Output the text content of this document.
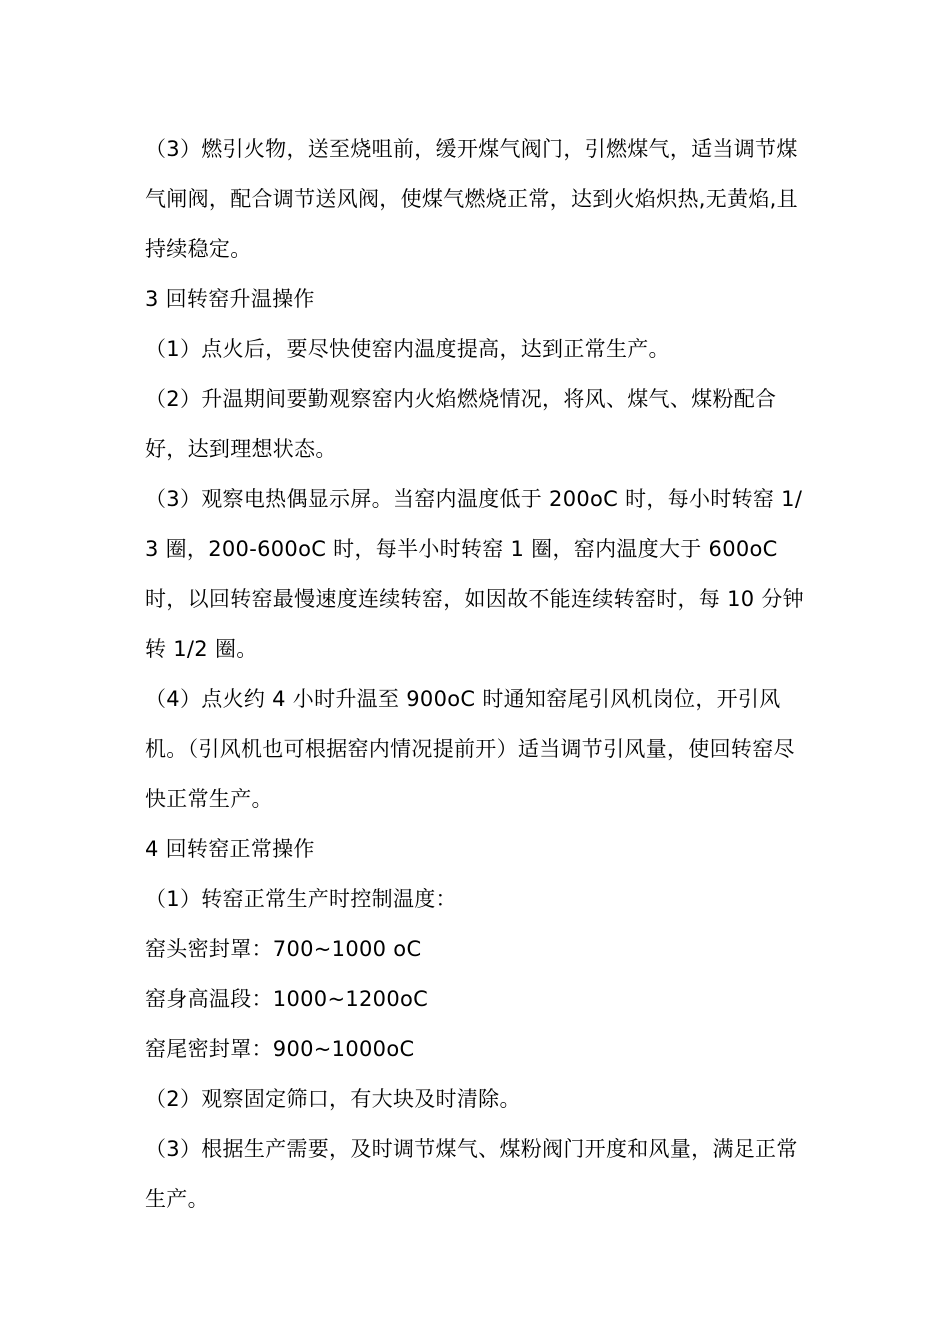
（3）燃引火物，送至烧咀前，缓开煤气阀门，引燃煤气，适当调节煤气闸阀，配合调节送风阀，使煤气燃烧正常，达到火焰炽热,无黄焰,且持续稳定。

3 回转窑升温操作

（1）点火后，要尽快使窑内温度提高，达到正常生产。

（2）升温期间要勤观察窑内火焰燃烧情况，将风、煤气、煤粉配合好，达到理想状态。

（3）观察电热偶显示屏。当窑内温度低于 200oC 时，每小时转窑 1/3 圈，200-600oC 时，每半小时转窑 1 圈，窑内温度大于 600oC 时，以回转窑最慢速度连续转窑，如因故不能连续转窑时，每 10 分钟转 1/2 圈。

（4）点火约 4 小时升温至 900oC 时通知窑尾引风机岗位，开引风机。（引风机也可根据窑内情况提前开）适当调节引风量，使回转窑尽快正常生产。

4 回转窑正常操作

（1）转窑正常生产时控制温度：

窑头密封罩：700~1000 oC

窑身高温段：1000~1200oC

窑尾密封罩：900~1000oC

（2）观察固定筛口，有大块及时清除。

（3）根据生产需要，及时调节煤气、煤粉阀门开度和风量，满足正常生产。
